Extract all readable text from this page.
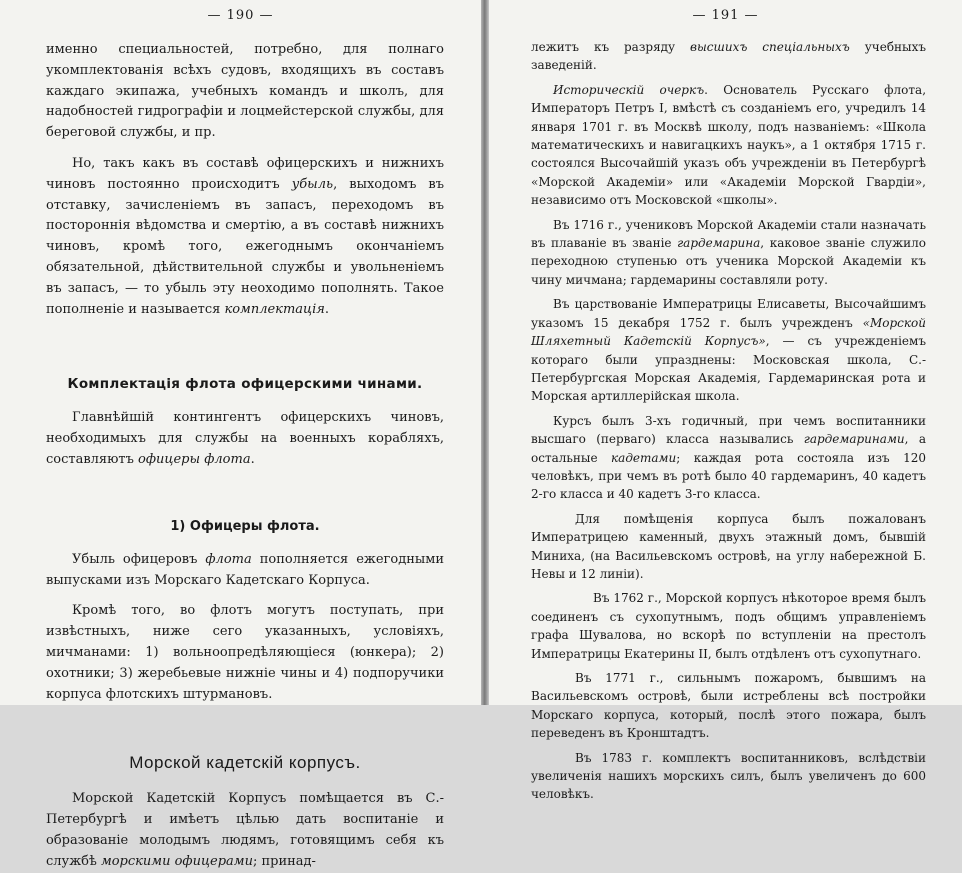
— 190 —

именно специальностей, потребно, для полнаго укомплектованія всѣхъ судовъ, входящихъ въ составъ каждаго экипажа, учебныхъ командъ и школъ, для надобностей гидрографіи и лоцмейстерской службы, для береговой службы, и пр.

Но, такъ какъ въ составѣ офицерскихъ и нижнихъ чиновъ постоянно происходитъ убыль, выходомъ въ отставку, зачисленіемъ въ запасъ, переходомъ въ постороннія вѣдомства и смертію, а въ составѣ нижнихъ чиновъ, кромѣ того, ежегоднымъ окончаніемъ обязательной, дѣйствительной службы и увольненіемъ въ запасъ, — то убыль эту неоходимо пополнять. Такое пополненіе и называется комплектація.

Комплектація флота офицерскими чинами.

Главнѣйшій контингентъ офицерскихъ чиновъ, необходимыхъ для службы на военныхъ корабляхъ, составляютъ офицеры флота.

1) Офицеры флота.

Убыль офицеровъ флота пополняется ежегодными выпусками изъ Морскаго Кадетскаго Корпуса.

Кромѣ того, во флотъ могутъ поступать, при извѣстныхъ, ниже сего указанныхъ, условіяхъ, мичманами: 1) вольноопредѣляющіеся (юнкера); 2) охотники; 3) жеребьевые нижніе чины и 4) подпоручики корпуса флотскихъ штурмановъ.

Морской кадетскій корпусъ.

Морской Кадетскій Корпусъ помѣщается въ С.-Петербургѣ и имѣетъ цѣлью дать воспитаніе и образованіе молодымъ людямъ, готовящимъ себя къ службѣ морскими офицерами; принад-

— 191 —

лежитъ къ разряду высшихъ спеціальныхъ учебныхъ заведеній.

Историческій очеркъ. Основатель Русскаго флота, Императоръ Петръ I, вмѣстѣ съ созданіемъ его, учредилъ 14 января 1701 г. въ Москвѣ школу, подъ названіемъ: «Школа математическихъ и навигацкихъ наукъ», а 1 октября 1715 г. состоялся Высочайшій указъ объ учрежденіи въ Петербургѣ «Морской Академіи» или «Академіи Морской Гвардіи», независимо отъ Московской «школы».

Въ 1716 г., учениковъ Морской Академіи стали назначать въ плаваніе въ званіе гардемарина, каковое званіе служило переходною ступенью отъ ученика Морской Академіи къ чину мичмана; гардемарины составляли роту.

Въ царствованіе Императрицы Елисаветы, Высочайшимъ указомъ 15 декабря 1752 г. былъ учрежденъ «Морской Шляхетный Кадетскій Корпусъ», — съ учрежденіемъ котораго были упразднены: Московская школа, С.-Петербургская Морская Академія, Гардемаринская рота и Морская артиллерійская школа.

Курсъ былъ 3-хъ годичный, при чемъ воспитанники высшаго (перваго) класса назывались гардемаринами, а остальные кадетами; каждая рота состояла изъ 120 человѣкъ, при чемъ въ ротѣ было 40 гардемаринъ, 40 кадетъ 2-го класса и 40 кадетъ 3-го класса.

Для помѣщенія корпуса былъ пожалованъ Императрицею каменный, двухъ этажный домъ, бывшій Миниха, (на Васильевскомъ островѣ, на углу набережной Б. Невы и 12 линіи).

Въ 1762 г., Морской корпусъ нѣкоторое время былъ соединенъ съ сухопутнымъ, подъ общимъ управленіемъ графа Шувалова, но вскорѣ по вступленіи на престолъ Императрицы Екатерины II, былъ отдѣленъ отъ сухопутнаго.

Въ 1771 г., сильнымъ пожаромъ, бывшимъ на Васильевскомъ островѣ, были истреблены всѣ постройки Морскаго корпуса, который, послѣ этого пожара, былъ переведенъ въ Кронштадтъ.

Въ 1783 г. комплектъ воспитанниковъ, вслѣдствіи увеличенія нашихъ морскихъ силъ, былъ увеличенъ до 600 человѣкъ.
